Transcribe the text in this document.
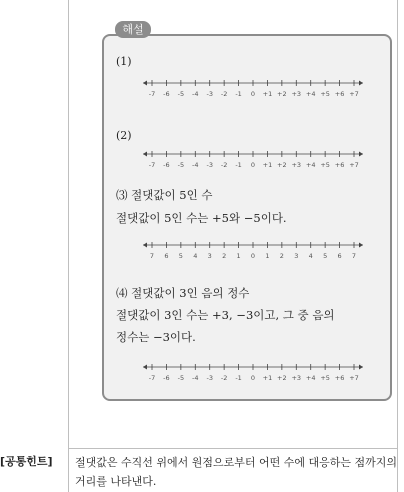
해설
(1)
-7 -6 -5 -4 -3 -2 -1 0 +1 +2 +3 +4 +5 +6 +7
(2)
-7 -6 -5 -4 -3 -2 -1 0 +1 +2 +3 +4 +5 +6 +7
⑶ 절댓값이 5인 수
절댓값이 5인 수는 +5와 −5이다.
7 6 5 4 3 2 1 0 1 2 3 4 5 6 7
⑷ 절댓값이 3인 음의 정수
절댓값이 3인 수는 +3, −3이고, 그 중 음의
정수는 −3이다.
-7 -6 -5 -4 -3 -2 -1 0 +1 +2 +3 +4 +5 +6 +7
[공통힌트] 절댓값은 수직선 위에서 원점으로부터 어떤 수에 대응하는 점까지의 거리를 나타낸다.
